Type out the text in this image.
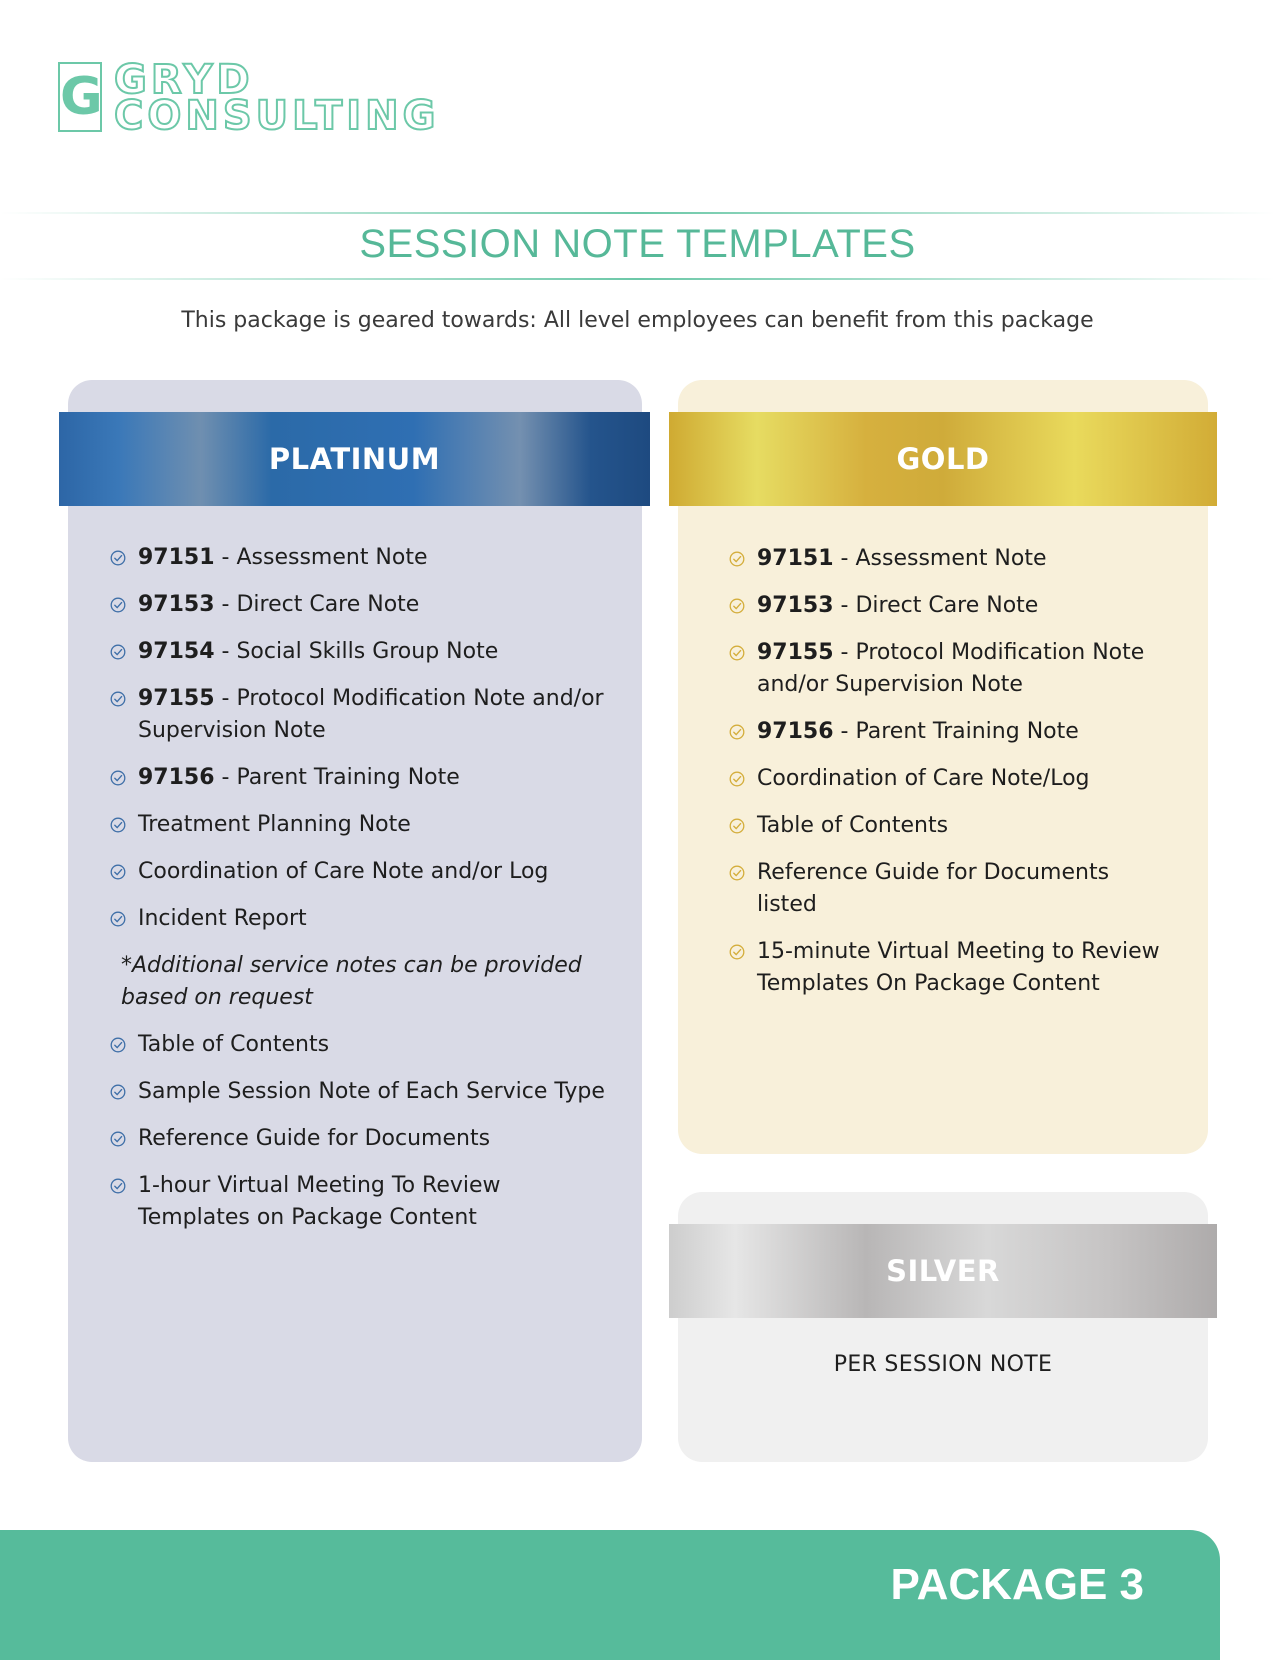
G GRYD
CONSULTING
SESSION NOTE TEMPLATES
This package is geared towards: All level employees can benefit from this package
PLATINUM	GOLD
SILVER
97151 - Assessment Note
97153 - Direct Care Note
97154 - Social Skills Group Note
97155 - Protocol Modification Note and/or Supervision Note
97156 - Parent Training Note
Treatment Planning Note
Coordination of Care Note and/or Log
Incident Report
*Additional service notes can be provided based on request
Table of Contents
Sample Session Note of Each Service Type
Reference Guide for Documents
1-hour Virtual Meeting To Review Templates on Package Content
97151 - Assessment Note
97153 - Direct Care Note
97155 - Protocol Modification Note and/or Supervision Note
97156 - Parent Training Note
Coordination of Care Note/Log
Table of Contents
Reference Guide for Documents listed
15-minute Virtual Meeting to Review Templates On Package Content
PER SESSION NOTE
PACKAGE 3
